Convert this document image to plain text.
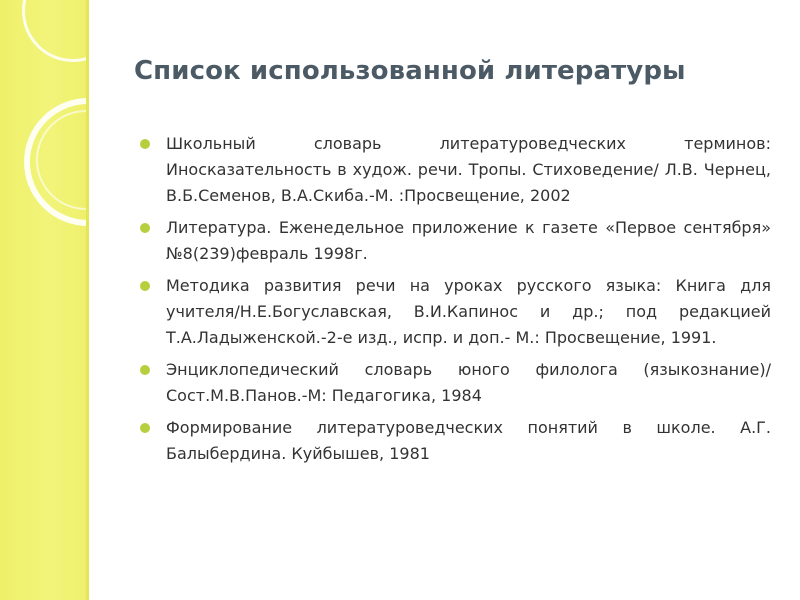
Список использованной литературы
Школьный словарь литературоведческих терминов: Иносказательность в худож. речи. Тропы. Стиховедение/ Л.В. Чернец, В.Б.Семенов, В.А.Скиба.-М. :Просвещение, 2002
Литература. Еженедельное приложение к газете «Первое сентября» №8(239)февраль 1998г.
Методика развития речи на уроках русского языка: Книга для учителя/Н.Е.Богуславская, В.И.Капинос и др.; под редакцией Т.А.Ладыженской.-2-е изд., испр. и доп.- М.: Просвещение, 1991.
Энциклопедический словарь юного филолога (языкознание)/Сост.М.В.Панов.-М: Педагогика, 1984
Формирование литературоведческих понятий в школе. А.Г. Балыбердина. Куйбышев, 1981
